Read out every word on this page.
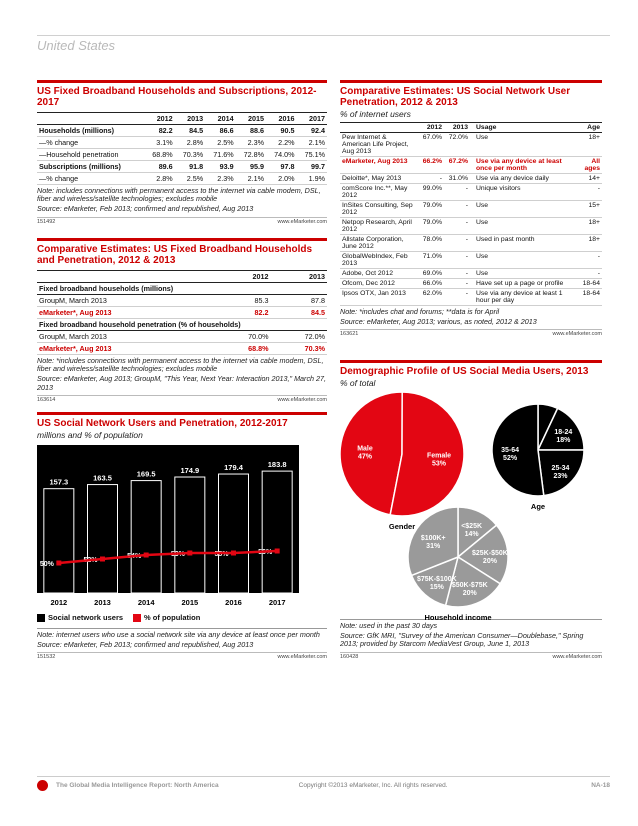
United States
US Fixed Broadband Households and Subscriptions, 2012-2017
	2012	2013	2014	2015	2016	2017
Households (millions)	82.2	84.5	86.6	88.6	90.5	92.4
—% change	3.1%	2.8%	2.5%	2.3%	2.2%	2.1%
—Household penetration	68.8%	70.3%	71.6%	72.8%	74.0%	75.1%
Subscriptions (millions)	89.6	91.8	93.9	95.9	97.8	99.7
—% change	2.8%	2.5%	2.3%	2.1%	2.0%	1.9%
Note: includes connections with permanent access to the internet via cable modem, DSL, fiber and wireless/satellite technologies; excludes mobile
Source: eMarketer, Feb 2013; confirmed and republished, Aug 2013
151492	www.eMarketer.com
Comparative Estimates: US Fixed Broadband Households and Penetration, 2012 & 2013
	2012	2013
Fixed broadband households (millions)		
GroupM, March 2013	85.3	87.8
eMarketer*, Aug 2013	82.2	84.5
Fixed broadband household penetration (% of households)		
GroupM, March 2013	70.0%	72.0%
eMarketer*, Aug 2013	68.8%	70.3%
Note: *includes connections with permanent access to the internet via cable modem, DSL, fiber and wireless/satellite technologies; excludes mobile
Source: eMarketer, Aug 2013; GroupM, "This Year, Next Year: Interaction 2013," March 27, 2013
163614	www.eMarketer.com
US Social Network Users and Penetration, 2012-2017
millions and % of population
157.3
50%
2012
163.5
52%
2013
169.5
54%
2014
174.9
53%
2015
179.4
55%
2016
183.8
56%
2017
Social network users	% of population
Note: internet users who use a social network site via any device at least once per month
Source: eMarketer, Feb 2013; confirmed and republished, Aug 2013
151532	www.eMarketer.com
Comparative Estimates: US Social Network User Penetration, 2012 & 2013
% of internet users
	2012	2013	Usage	Age
Pew Internet & American Life Project, Aug 2013	67.0%	72.0%	Use	18+
eMarketer, Aug 2013	66.2%	67.2%	Use via any device at least once per month	All ages
Deloitte*, May 2013	-	31.0%	Use via any device daily	14+
comScore Inc.**, May 2012	99.0%	-	Unique visitors	-
InSites Consulting, Sep 2012	79.0%	-	Use	15+
Netpop Research, April 2012	79.0%	-	Use	18+
Allstate Corporation, June 2012	78.0%	-	Used in past month	18+
GlobalWebIndex, Feb 2013	71.0%	-	Use	-
Adobe, Oct 2012	69.0%	-	Use	-
Ofcom, Dec 2012	66.0%	-	Have set up a page or profile	18-64
Ipsos OTX, Jan 2013	62.0%	-	Use via any device at least 1 hour per day	18-64
Note: *includes chat and forums; **data is for April
Source: eMarketer, Aug 2013; various, as noted, 2012 & 2013
163621	www.eMarketer.com
Demographic Profile of US Social Media Users, 2013
% of total
Male
47%	Female
53%
Gender
65+
7%
18-24
18%
25-34
23%
35-64
52%
Age
<$25K
14%
$25K-$50K
20%
$50K-$75K
20%
$75K-$100K
15%
$100K+
31%
Household income
Note: used in the past 30 days
Source: GfK MRI, "Survey of the American Consumer—Doublebase," Spring 2013; provided by Starcom MediaVest Group, June 1, 2013
160428	www.eMarketer.com
The Global Media Intelligence Report: North America	Copyright ©2013 eMarketer, Inc. All rights reserved.	NA-18
